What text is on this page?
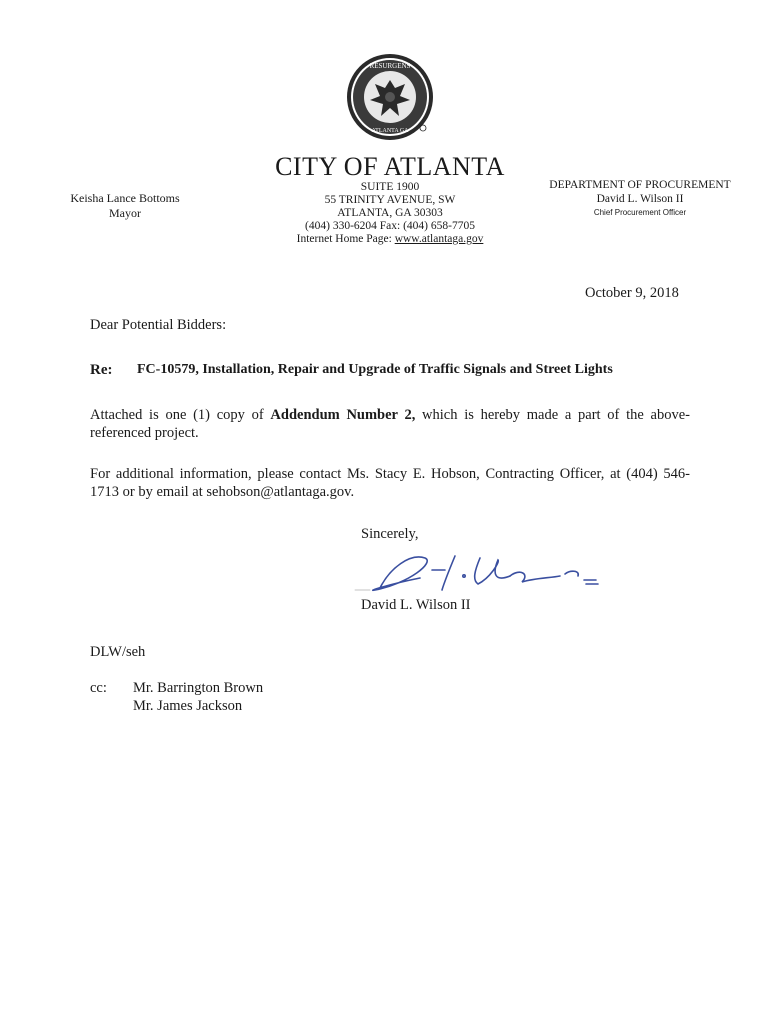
RESURGENS
ATLANTA GA
CITY OF ATLANTA
SUITE 1900
55 TRINITY AVENUE, SW
ATLANTA, GA 30303
(404) 330-6204 Fax: (404) 658-7705
Internet Home Page: www.atlantaga.gov
Keisha Lance Bottoms
Mayor
DEPARTMENT OF PROCUREMENT
David L. Wilson II
Chief Procurement Officer
October 9, 2018
Dear Potential Bidders:
Re: FC-10579, Installation, Repair and Upgrade of Traffic Signals and Street Lights
Attached is one (1) copy of Addendum Number 2, which is hereby made a part of the above-referenced project.
For additional information, please contact Ms. Stacy E. Hobson, Contracting Officer, at (404) 546-1713 or by email at sehobson@atlantaga.gov.
Sincerely,
David L. Wilson II
DLW/seh
cc: Mr. Barrington Brown
Mr. James Jackson
